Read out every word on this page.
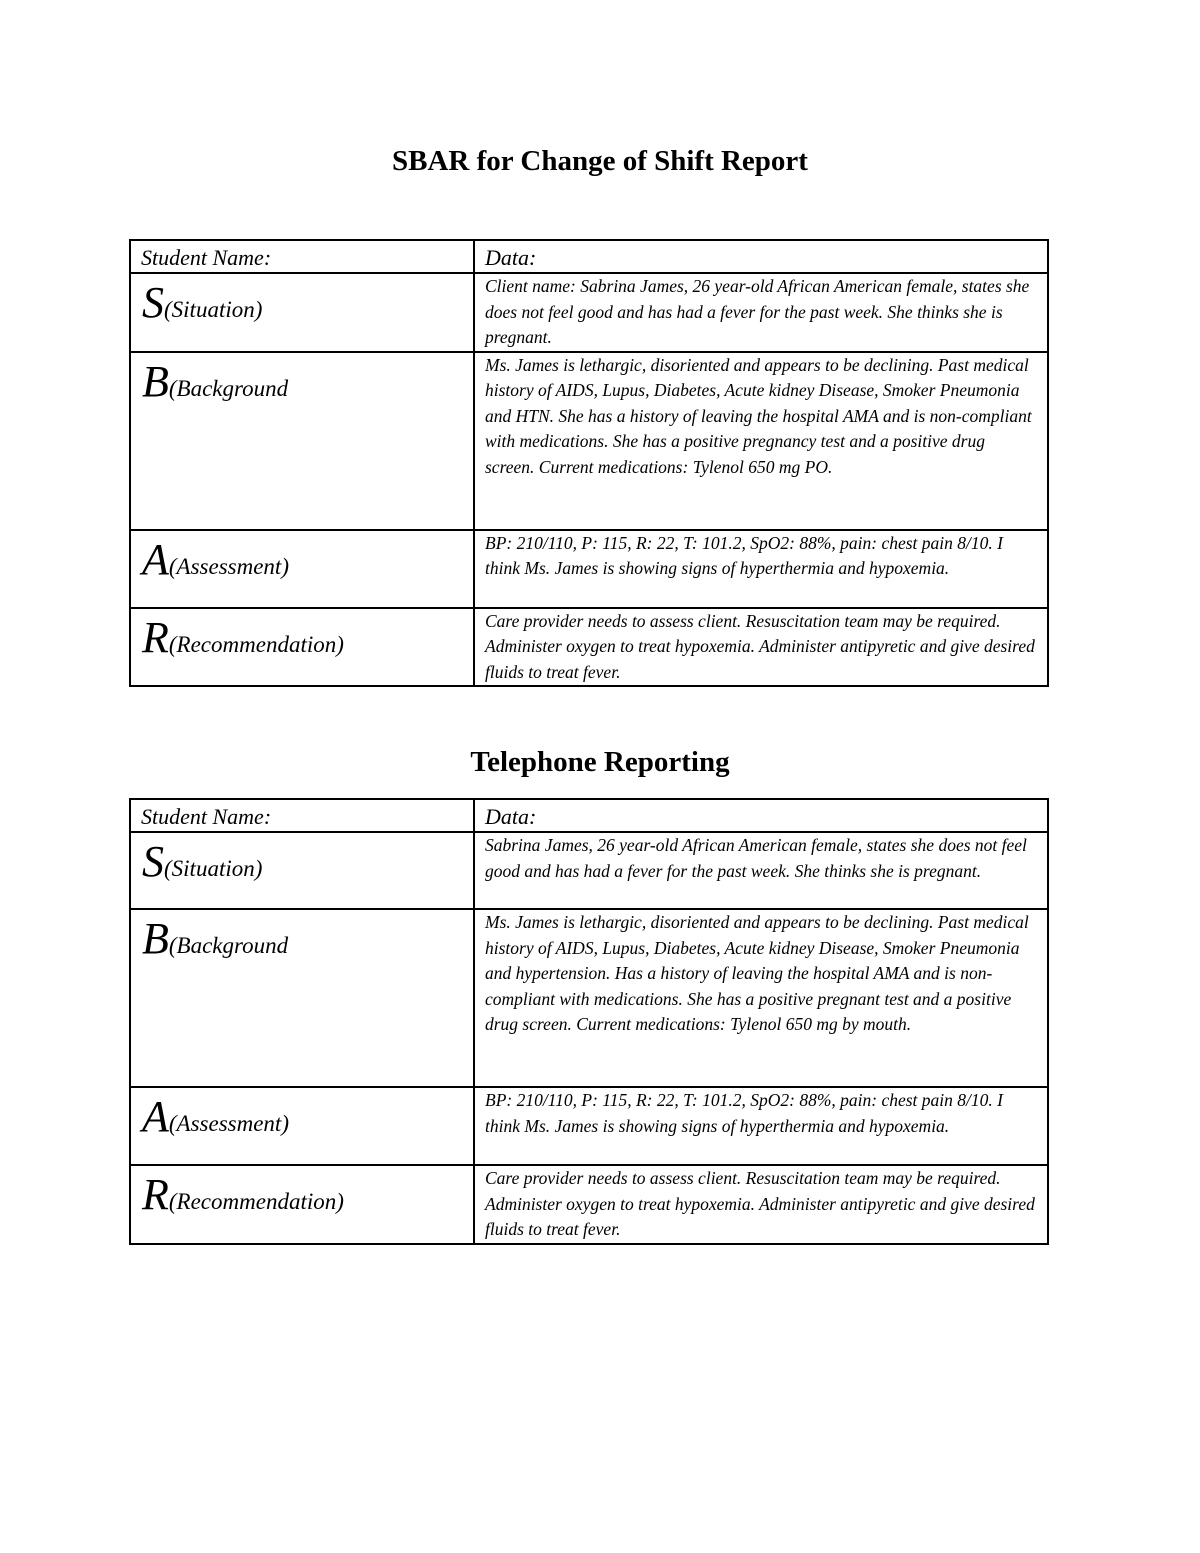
SBAR for Change of Shift Report
Student Name:	Data:

S(Situation)	Client name: Sabrina James, 26 year-old African American female, states she does not feel good and has had a fever for the past week. She thinks she is pregnant.

B(Background	Ms. James is lethargic, disoriented and appears to be declining. Past medical history of AIDS, Lupus, Diabetes, Acute kidney Disease, Smoker Pneumonia and HTN. She has a history of leaving the hospital AMA and is non-compliant with medications. She has a positive pregnancy test and a positive drug screen. Current medications: Tylenol 650 mg PO.

A(Assessment)	BP: 210/110, P: 115, R: 22, T: 101.2, SpO2: 88%, pain: chest pain 8/10. I think Ms. James is showing signs of hyperthermia and hypoxemia.

R(Recommendation)	Care provider needs to assess client. Resuscitation team may be required. Administer oxygen to treat hypoxemia. Administer antipyretic and give desired fluids to treat fever.
Telephone Reporting
Student Name:	Data:

S(Situation)	Sabrina James, 26 year-old African American female, states she does not feel good and has had a fever for the past week. She thinks she is pregnant.

B(Background	Ms. James is lethargic, disoriented and appears to be declining. Past medical history of AIDS, Lupus, Diabetes, Acute kidney Disease, Smoker Pneumonia and hypertension. Has a history of leaving the hospital AMA and is non-compliant with medications. She has a positive pregnant test and a positive drug screen. Current medications: Tylenol 650 mg by mouth.

A(Assessment)	BP: 210/110, P: 115, R: 22, T: 101.2, SpO2: 88%, pain: chest pain 8/10. I think Ms. James is showing signs of hyperthermia and hypoxemia.

R(Recommendation)	Care provider needs to assess client. Resuscitation team may be required. Administer oxygen to treat hypoxemia. Administer antipyretic and give desired fluids to treat fever.
